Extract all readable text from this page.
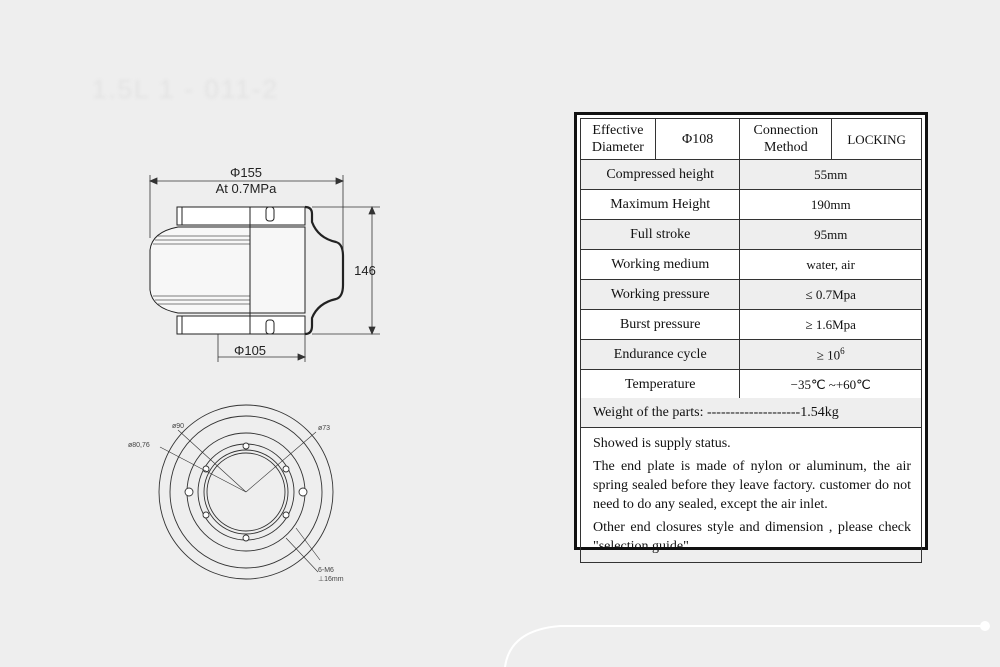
1.5L 1 - 011-2
Φ155
At 0.7MPa
146
Φ105
ø90
ø80,76
ø73
6-M6
⊥16mm
Effective Diameter	Φ108	Connection Method	LOCKING
Compressed height		55mm	
Maximum Height		190mm	
Full stroke		95mm	
Working medium		water, air	
Working pressure		≤ 0.7Mpa	
Burst pressure		≥ 1.6Mpa	
Endurance cycle		≥ $10^6$
Temperature		−35℃ ~+60℃	
Weight of the parts: --------------------1.54kg

Showed is supply status.

The end plate is made of nylon or aluminum, the air spring sealed before they leave factory. customer do not need to do any sealed, except the air inlet.

Other end closures style and dimension , please check "selection guide"
